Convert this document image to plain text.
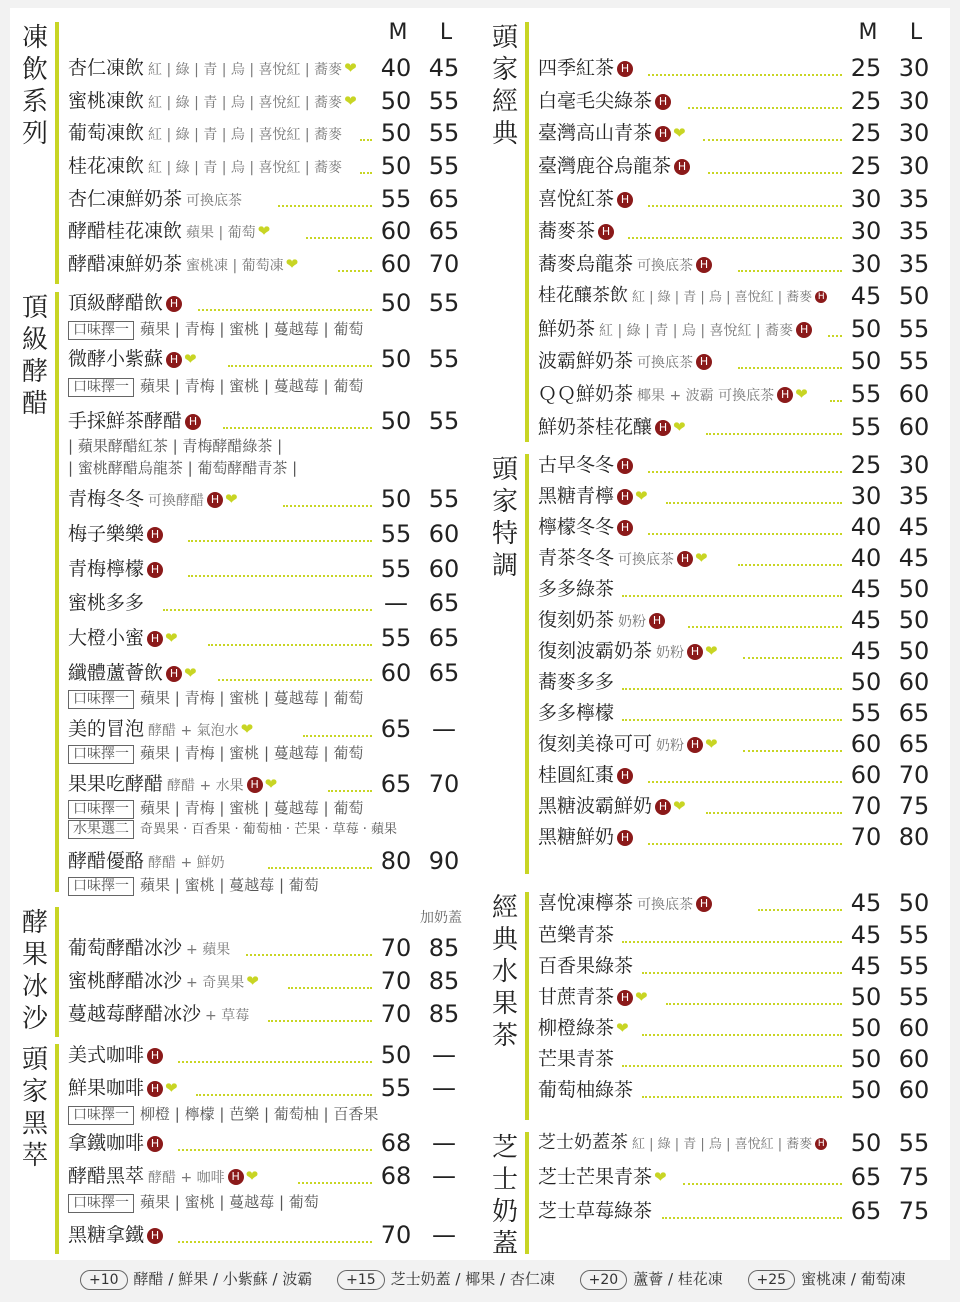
凍飲系列
M L
杏仁凍飲 紅 | 綠 | 青 | 烏 | 喜悅紅 | 蕎麥 ❤	40 45
蜜桃凍飲 紅 | 綠 | 青 | 烏 | 喜悅紅 | 蕎麥 ❤	50 55
葡萄凍飲 紅 | 綠 | 青 | 烏 | 喜悅紅 | 蕎麥	50 55
桂花凍飲 紅 | 綠 | 青 | 烏 | 喜悅紅 | 蕎麥	50 55
杏仁凍鮮奶茶 可換底茶	55 65
酵醋桂花凍飲 蘋果 | 葡萄 ❤	60 65
酵醋凍鮮奶茶 蜜桃凍 | 葡萄凍 ❤	60 70
頂級酵醋
頂級酵醋飲 H	50 55
口味擇一 蘋果 | 青梅 | 蜜桃 | 蔓越莓 | 葡萄
微酵小紫蘇 H ❤	50 55
口味擇一 蘋果 | 青梅 | 蜜桃 | 蔓越莓 | 葡萄
手採鮮茶酵醋 H	50 55
| 蘋果酵醋紅茶 | 青梅酵醋綠茶 |
| 蜜桃酵醋烏龍茶 | 葡萄酵醋青茶 |
青梅冬冬 可換酵醋 H ❤	50 55
梅子樂樂 H	55 60
青梅檸檬 H	55 60
蜜桃多多	— 65
大橙小蜜 H ❤	55 65
纖體蘆薈飲 H ❤	60 65
口味擇一 蘋果 | 青梅 | 蜜桃 | 蔓越莓 | 葡萄
美的冒泡 酵醋 + 氣泡水 ❤	65 —
口味擇一 蘋果 | 青梅 | 蜜桃 | 蔓越莓 | 葡萄
果果吃酵醋 酵醋 + 水果 H ❤	65 70
口味擇一 蘋果 | 青梅 | 蜜桃 | 蔓越莓 | 葡萄
水果選二 奇異果 · 百香果 · 葡萄柚 · 芒果 · 草莓 · 蘋果
酵醋優酪 酵醋 + 鮮奶	80 90
口味擇一 蘋果 | 蜜桃 | 蔓越莓 | 葡萄
酵果冰沙
加奶蓋
葡萄酵醋冰沙 + 蘋果	70 85
蜜桃酵醋冰沙 + 奇異果 ❤	70 85
蔓越莓酵醋冰沙 + 草莓	70 85
頭家黑萃
美式咖啡 H	50 —
鮮果咖啡 H ❤	55 —
口味擇一 柳橙 | 檸檬 | 芭樂 | 葡萄柚 | 百香果
拿鐵咖啡 H	68 —
酵醋黑萃 酵醋 + 咖啡 H ❤	68 —
口味擇一 蘋果 | 蜜桃 | 蔓越莓 | 葡萄
黑糖拿鐵 H	70 —
頭家經典
M L
四季紅茶 H	25 30
白毫毛尖綠茶 H	25 30
臺灣高山青茶 H ❤	25 30
臺灣鹿谷烏龍茶 H	25 30
喜悅紅茶 H	30 35
蕎麥茶 H	30 35
蕎麥烏龍茶 可換底茶 H	30 35
桂花釀茶飲 紅 | 綠 | 青 | 烏 | 喜悅紅 | 蕎麥 H	45 50
鮮奶茶 紅 | 綠 | 青 | 烏 | 喜悅紅 | 蕎麥 H	50 55
波霸鮮奶茶 可換底茶 H	50 55
ＱＱ鮮奶茶 椰果 + 波霸 可換底茶 H ❤	55 60
鮮奶茶桂花釀 H ❤	55 60
頭家特調
古早冬冬 H	25 30
黑糖青檸 H ❤	30 35
檸檬冬冬 H	40 45
青茶冬冬 可換底茶 H ❤	40 45
多多綠茶	45 50
復刻奶茶 奶粉 H	45 50
復刻波霸奶茶 奶粉 H ❤	45 50
蕎麥多多	50 60
多多檸檬	55 65
復刻美祿可可 奶粉 H ❤	60 65
桂圓紅棗 H	60 70
黑糖波霸鮮奶 H ❤	70 75
黑糖鮮奶 H	70 80
經典水果茶
喜悅凍檸茶 可換底茶 H	45 50
芭樂青茶	45 55
百香果綠茶	45 55
甘蔗青茶 H ❤	50 55
柳橙綠茶 ❤	50 60
芒果青茶	50 60
葡萄柚綠茶	50 60
芝士奶蓋
芝士奶蓋茶 紅 | 綠 | 青 | 烏 | 喜悅紅 | 蕎麥 H	50 55
芝士芒果青茶 ❤	65 75
芝士草莓綠茶	65 75
+10 酵醋 / 鮮果 / 小紫蘇 / 波霸 +15 芝士奶蓋 / 椰果 / 杏仁凍 +20 蘆薈 / 桂花凍 +25 蜜桃凍 / 葡萄凍
